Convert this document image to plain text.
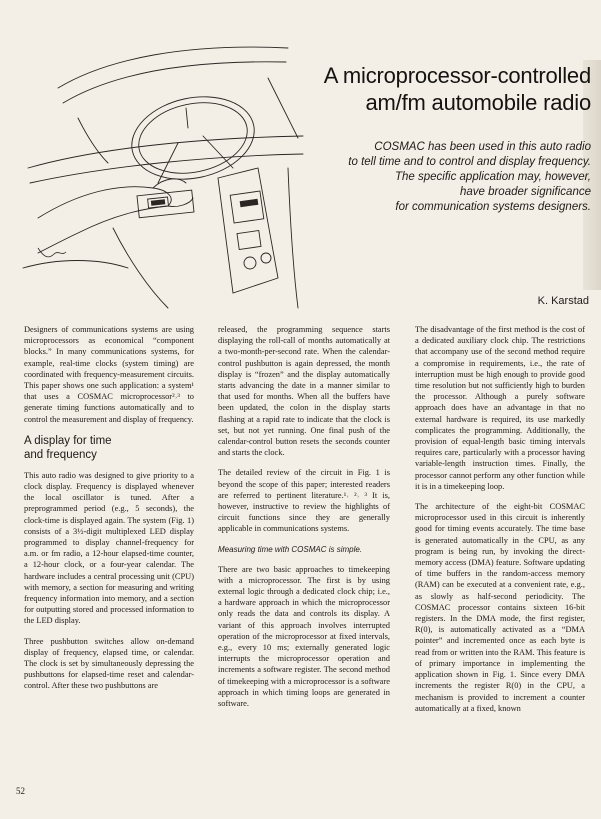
A microprocessor-controlled
am/fm automobile radio
COSMAC has been used in this auto radio
to tell time and to control and display frequency.
The specific application may, however,
have broader significance
for communication systems designers.
K. Karstad

Designers of communications systems are using microprocessors as economical “component blocks.” In many communications systems, for example, real-time clocks (system timing) are coordinated with frequency-measurement circuits. This paper shows one such application: a system¹ that uses a COSMAC microprocessor²˒³ to generate timing functions automatically and to control the measurement and display of frequency.

A display for time
and frequency

This auto radio was designed to give priority to a clock display. Frequency is displayed whenever the local oscillator is tuned. After a preprogrammed period (e.g., 5 seconds), the clock-time is displayed again. The system (Fig. 1) consists of a 3½-digit multiplexed LED display programmed to display channel-frequency for a.m. or fm radio, a 12-hour elapsed-time counter, a 12-hour clock, or a four-year calendar. The hardware includes a central processing unit (CPU) with memory, a section for measuring and writing frequency information into memory, and a section for outputting stored and processed information to the LED display.

Three pushbutton switches allow on-demand display of frequency, elapsed time, or calendar. The clock is set by simultaneously depressing the pushbuttons for elapsed-time reset and calendar-control. After these two pushbuttons are

released, the programming sequence starts displaying the roll-call of months automatically at a two-month-per-second rate. When the calendar-control pushbutton is again depressed, the month display is “frozen” and the display automatically starts advancing the date in a manner similar to that used for months. When all the buffers have been updated, the colon in the display starts flashing at a rapid rate to indicate that the clock is set, but not yet running. One final push of the calendar-control button resets the seconds counter and starts the clock.

The detailed review of the circuit in Fig. 1 is beyond the scope of this paper; interested readers are referred to pertinent literature.¹˒ ²˒ ³ It is, however, instructive to review the highlights of circuit functions since they are generally applicable in communications systems.

Measuring time with COSMAC is simple.

There are two basic approaches to timekeeping with a microprocessor. The first is by using external logic through a dedicated clock chip; i.e., a hardware approach in which the microprocessor only reads the data and controls its display. A variant of this approach involves interrupted operation of the microprocessor at fixed intervals, e.g., every 10 ms; externally generated logic interrupts the microprocessor operation and increments a software register. The second method of timekeeping with a microprocessor is a software approach in which timing loops are generated in software.

The disadvantage of the first method is the cost of a dedicated auxiliary clock chip. The restrictions that accompany use of the second method require a compromise in requirements, i.e., the rate of interruption must be high enough to provide good time resolution but not sufficiently high to burden the processor. Although a purely software approach does have an advantage in that no external hardware is required, its use markedly complicates the programming. Additionally, the provision of equal-length basic timing intervals requires care, particularly with a processor having variable-length instruction times. Finally, the processor cannot perform any other function while it is in a timekeeping loop.

The architecture of the eight-bit COSMAC microprocessor used in this circuit is inherently good for timing events accurately. The time base is generated automatically in the CPU, as any program is being run, by invoking the direct-memory access (DMA) feature. Software updating of time buffers in the random-access memory (RAM) can be executed at a convenient rate, e.g., as slowly as half-second periodicity. The COSMAC processor contains sixteen 16-bit registers. In the DMA mode, the first register, R(0), is automatically activated as a “DMA pointer” and incremented once as each byte is read from or written into the RAM. This feature is of primary importance in implementing the application shown in Fig. 1. Since every DMA increments the register R(0) in the CPU, a mechanism is provided to increment a counter automatically at a fixed, known

52
